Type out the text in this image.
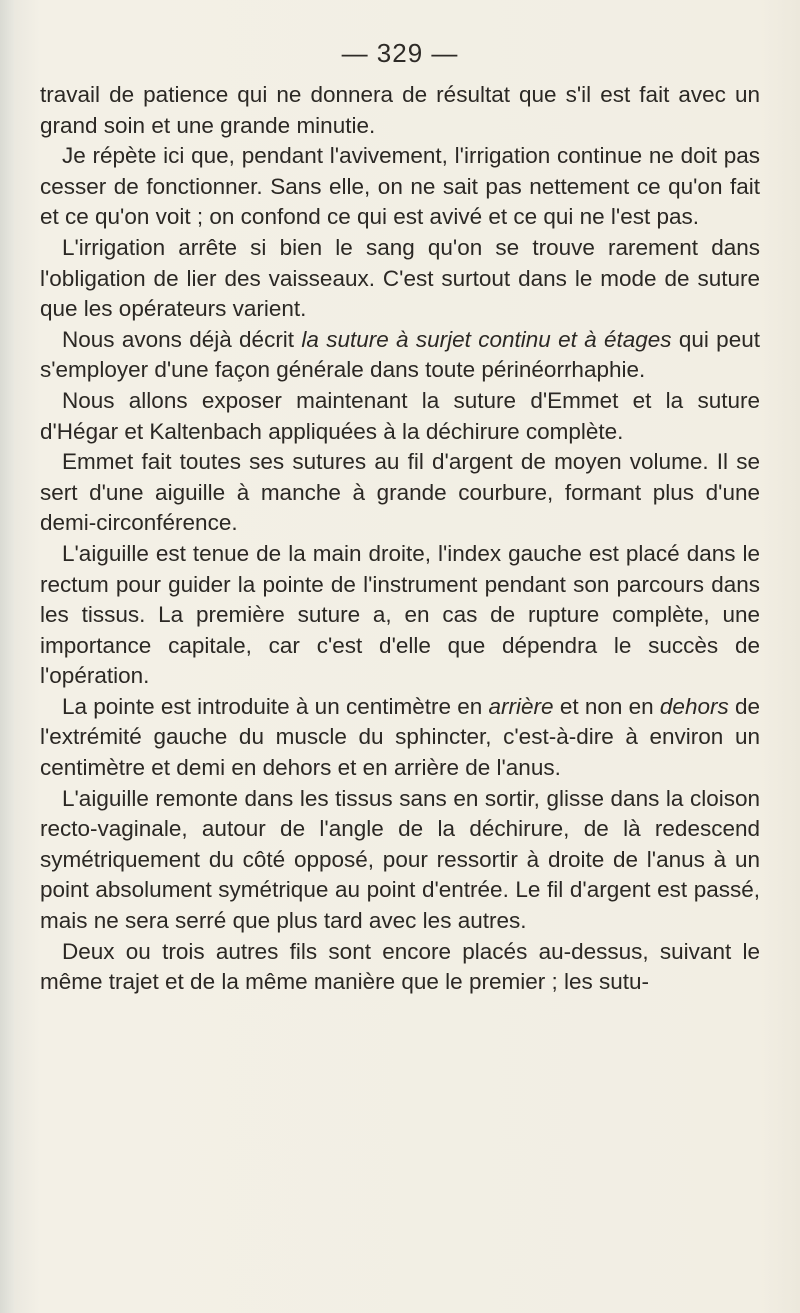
— 329 —

travail de patience qui ne donnera de résultat que s'il est fait avec un grand soin et une grande minutie.

Je répète ici que, pendant l'avivement, l'irrigation continue ne doit pas cesser de fonctionner. Sans elle, on ne sait pas nettement ce qu'on fait et ce qu'on voit ; on confond ce qui est avivé et ce qui ne l'est pas.

L'irrigation arrête si bien le sang qu'on se trouve rarement dans l'obligation de lier des vaisseaux. C'est surtout dans le mode de suture que les opérateurs varient.

Nous avons déjà décrit la suture à surjet continu et à étages qui peut s'employer d'une façon générale dans toute périnéorrhaphie.

Nous allons exposer maintenant la suture d'Emmet et la suture d'Hégar et Kaltenbach appliquées à la déchirure complète.

Emmet fait toutes ses sutures au fil d'argent de moyen volume. Il se sert d'une aiguille à manche à grande courbure, formant plus d'une demi-circonférence.

L'aiguille est tenue de la main droite, l'index gauche est placé dans le rectum pour guider la pointe de l'instrument pendant son parcours dans les tissus. La première suture a, en cas de rupture complète, une importance capitale, car c'est d'elle que dépendra le succès de l'opération.

La pointe est introduite à un centimètre en arrière et non en dehors de l'extrémité gauche du muscle du sphincter, c'est-à-dire à environ un centimètre et demi en dehors et en arrière de l'anus.

L'aiguille remonte dans les tissus sans en sortir, glisse dans la cloison recto-vaginale, autour de l'angle de la déchirure, de là redescend symétriquement du côté opposé, pour ressortir à droite de l'anus à un point absolument symétrique au point d'entrée. Le fil d'argent est passé, mais ne sera serré que plus tard avec les autres.

Deux ou trois autres fils sont encore placés au-dessus, suivant le même trajet et de la même manière que le premier ; les sutu-
